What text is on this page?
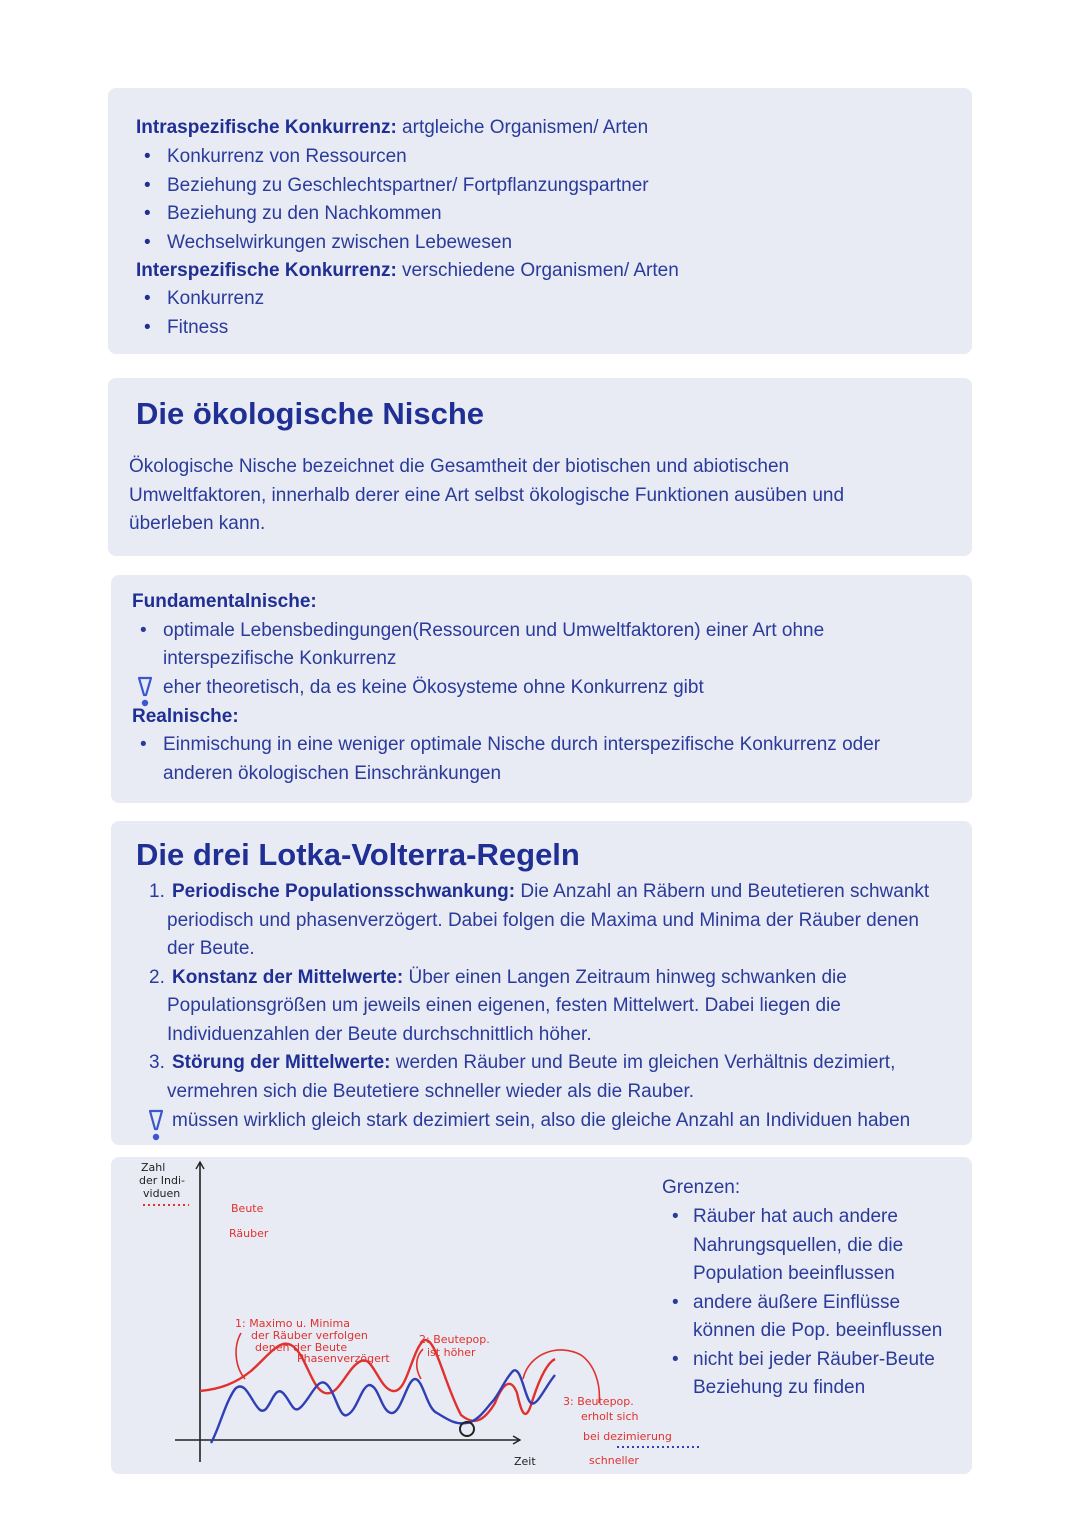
Intraspezifische Konkurrenz: artgleiche Organismen/ Arten
• Konkurrenz von Ressourcen
• Beziehung zu Geschlechtspartner/ Fortpflanzungspartner
• Beziehung zu den Nachkommen
• Wechselwirkungen zwischen Lebewesen
Interspezifische Konkurrenz: verschiedene Organismen/ Arten
• Konkurrenz
• Fitness
Die ökologische Nische
Ökologische Nische bezeichnet die Gesamtheit der biotischen und abiotischen
Umweltfaktoren, innerhalb derer eine Art selbst ökologische Funktionen ausüben und
überleben kann.
Fundamentalnische:
• optimale Lebensbedingungen(Ressourcen und Umweltfaktoren) einer Art ohne
interspezifische Konkurrenz
eher theoretisch, da es keine Ökosysteme ohne Konkurrenz gibt
Realnische:
• Einmischung in eine weniger optimale Nische durch interspezifische Konkurrenz oder
anderen ökologischen Einschränkungen
Die drei Lotka-Volterra-Regeln
1. Periodische Populationsschwankung: Die Anzahl an Räbern und Beutetieren schwankt
periodisch und phasenverzögert. Dabei folgen die Maxima und Minima der Räuber denen
der Beute.
2. Konstanz der Mittelwerte: Über einen Langen Zeitraum hinweg schwanken die
Populationsgrößen um jeweils einen eigenen, festen Mittelwert. Dabei liegen die
Individuenzahlen der Beute durchschnittlich höher.
3. Störung der Mittelwerte: werden Räuber und Beute im gleichen Verhältnis dezimiert,
vermehren sich die Beutetiere schneller wieder als die Rauber.
müssen wirklich gleich stark dezimiert sein, also die gleiche Anzahl an Individuen haben
Zahl
der Indi-
viduen
Zeit
Beute
Räuber
1: Maximo u. Minima
der Räuber verfolgen
denen der Beute
Phasenverzögert
2: Beutepop.
ist höher
3: Beutepop.
erholt sich
bei dezimierung
schneller
Grenzen:
• Räuber hat auch andere
Nahrungsquellen, die die
Population beeinflussen
• andere äußere Einflüsse
können die Pop. beeinflussen
• nicht bei jeder Räuber-Beute
Beziehung zu finden
